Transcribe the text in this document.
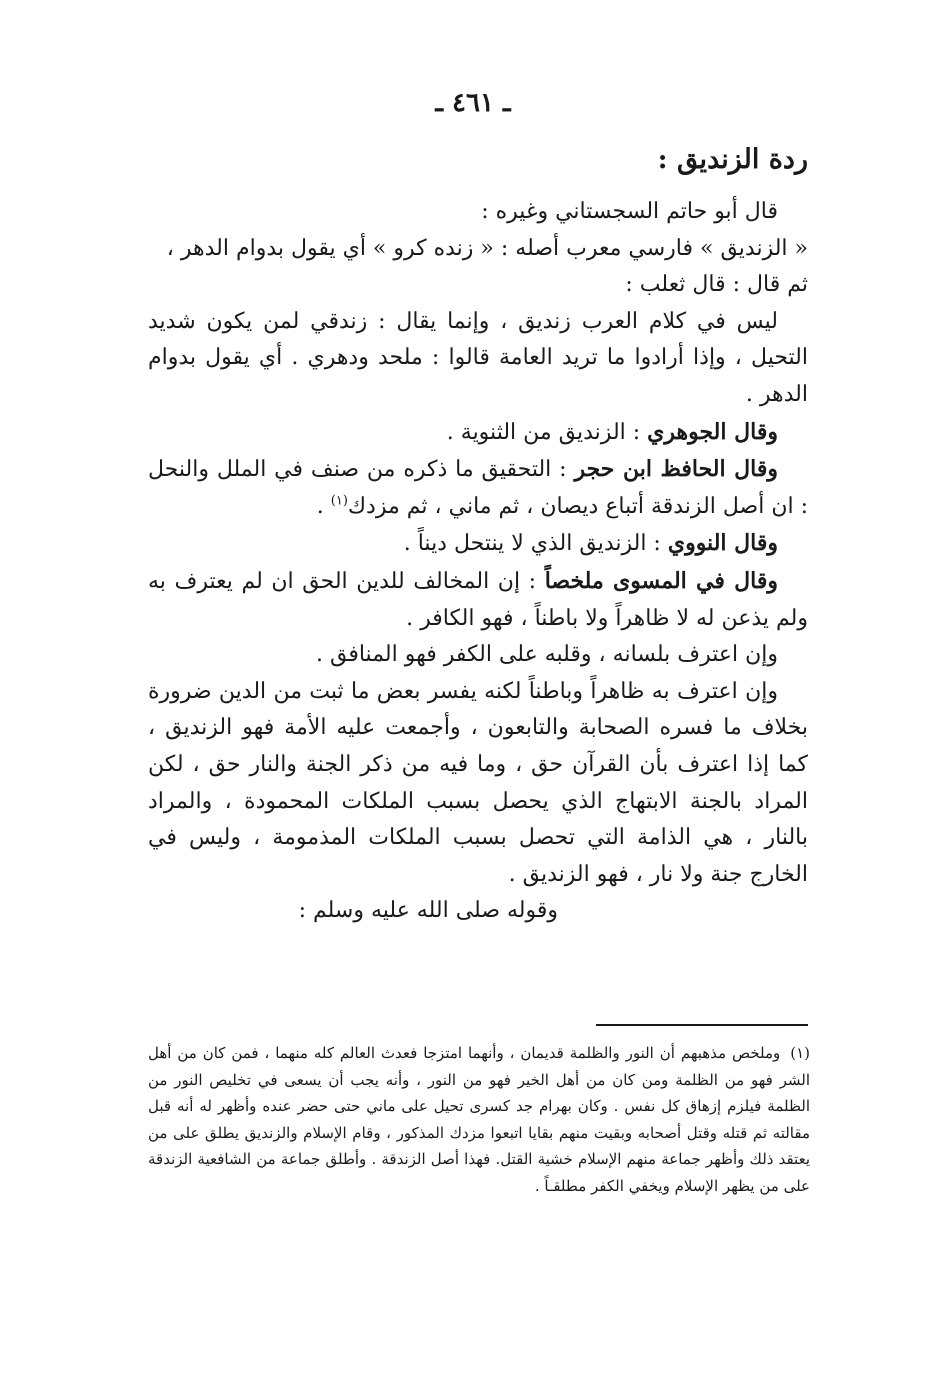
ـ ٤٦١ ـ

ردة الزنديق :

قال أبو حاتم السجستاني وغيره :

« الزنديق » فارسي معرب أصله : « زنده كرو » أي يقول بدوام الدهر ،

ثم قال : قال ثعلب :

ليس في كلام العرب زنديق ، وإنما يقال : زندقي لمن يكون شديد التحيل ، وإذا أرادوا ما تريد العامة قالوا : ملحد ودهري . أي يقول بدوام الدهر .

وقال الجوهري : الزنديق من الثنوية .

وقال الحافظ ابن حجر : التحقيق ما ذكره من صنف في الملل والنحل : ان أصل الزندقة أتباع ديصان ، ثم ماني ، ثم مزدك$^{(١)}$ .

وقال النووي : الزنديق الذي لا ينتحل ديناً .

وقال في المسوى ملخصاً : إن المخالف للدين الحق ان لم يعترف به ولم يذعن له لا ظاهراً ولا باطناً ، فهو الكافر .

وإن اعترف بلسانه ، وقلبه على الكفر فهو المنافق .

وإن اعترف به ظاهراً وباطناً لكنه يفسر بعض ما ثبت من الدين ضرورة بخلاف ما فسره الصحابة والتابعون ، وأجمعت عليه الأمة فهو الزنديق ، كما إذا اعترف بأن القرآن حق ، وما فيه من ذكر الجنة والنار حق ، لكن المراد بالجنة الابتهاج الذي يحصل بسبب الملكات المحمودة ، والمراد بالنار ، هي الذامة التي تحصل بسبب الملكات المذمومة ، وليس في الخارج جنة ولا نار ، فهو الزنديق .

وقوله صلى الله عليه وسلم :

(١) وملخص مذهبهم أن النور والظلمة قديمان ، وأنهما امتزجا فعدث العالم كله منهما ، فمن كان من أهل الشر فهو من الظلمة ومن كان من أهل الخير فهو من النور ، وأنه يجب أن يسعى في تخليص النور من الظلمة فيلزم إزهاق كل نفس . وكان بهرام جد كسرى تحيل على ماني حتى حضر عنده وأظهر له أنه قبل مقالته ثم قتله وقتل أصحابه وبقيت منهم بقايا اتبعوا مزدك المذكور ، وقام الإسلام والزنديق يطلق على من يعتقد ذلك وأظهر جماعة منهم الإسلام خشية القتل. فهذا أصل الزندقة . وأطلق جماعة من الشافعية الزندقة على من يظهر الإسلام ويخفي الكفر مطلقـاً .
